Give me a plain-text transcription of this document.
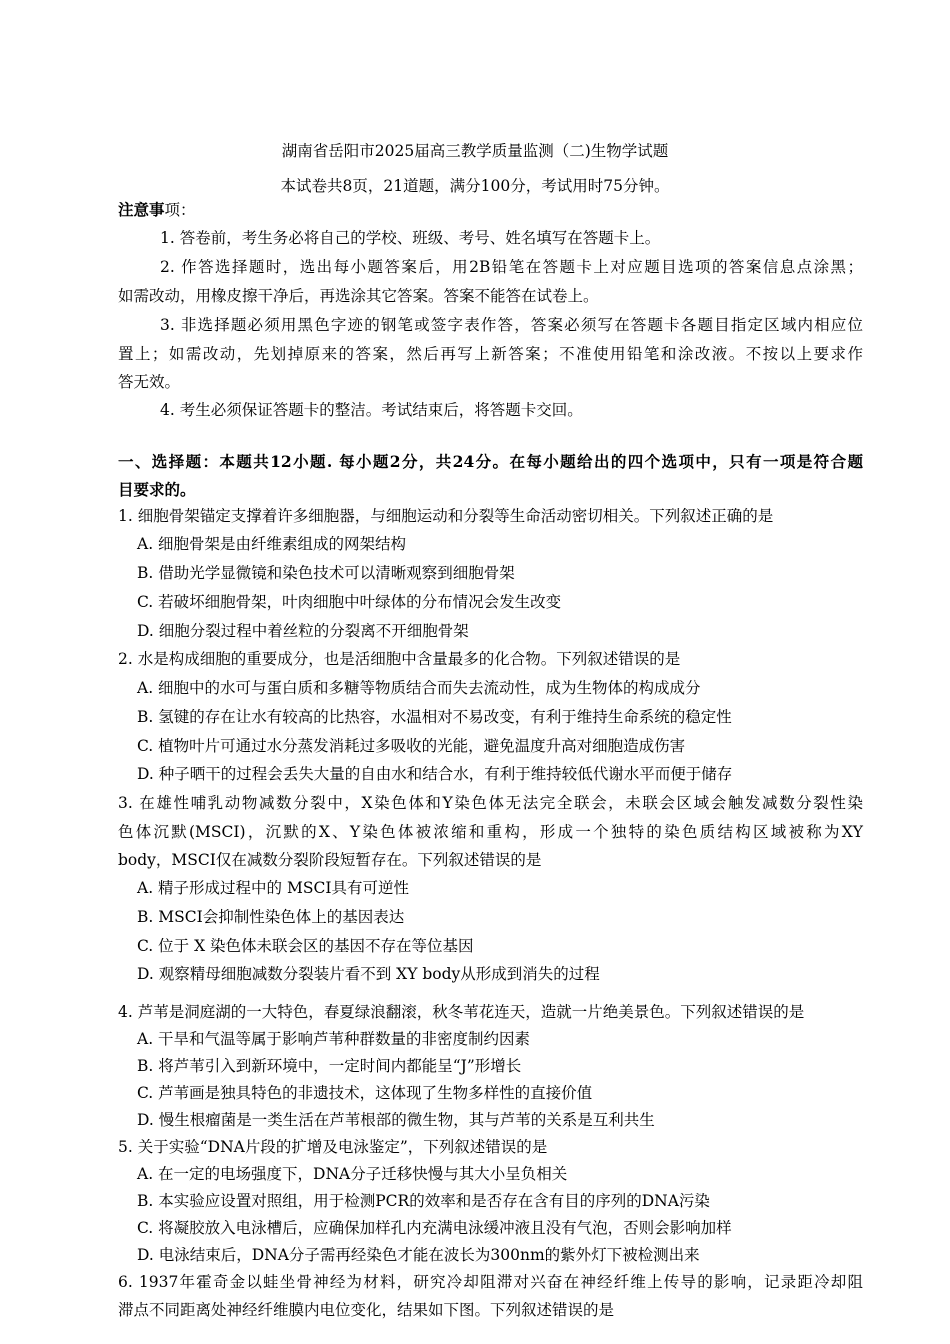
湖南省岳阳市2025届高三教学质量监测（二)生物学试题
本试卷共8页，21道题，满分100分，考试用时75分钟。
注意事项：
1. 答卷前，考生务必将自己的学校、班级、考号、姓名填写在答题卡上。
2. 作答选择题时，选出每小题答案后，用2B铅笔在答题卡上对应题目选项的答案信息点涂黑；
如需改动，用橡皮擦干净后，再选涂其它答案。答案不能答在试卷上。
3. 非选择题必须用黑色字迹的钢笔或签字表作答，答案必须写在答题卡各题目指定区域内相应位
置上；如需改动，先划掉原来的答案，然后再写上新答案；不准使用铅笔和涂改液。不按以上要求作
答无效。
4. 考生必须保证答题卡的整洁。考试结束后，将答题卡交回。
一、选择题：本题共12小题. 每小题2分，共24分。在每小题给出的四个选项中，只有一项是符合题
目要求的。
1. 细胞骨架锚定支撑着许多细胞器，与细胞运动和分裂等生命活动密切相关。下列叙述正确的是
A. 细胞骨架是由纤维素组成的网架结构
B. 借助光学显微镜和染色技术可以清晰观察到细胞骨架
C. 若破坏细胞骨架，叶肉细胞中叶绿体的分布情况会发生改变
D. 细胞分裂过程中着丝粒的分裂离不开细胞骨架
2. 水是构成细胞的重要成分，也是活细胞中含量最多的化合物。下列叙述错误的是
A. 细胞中的水可与蛋白质和多糖等物质结合而失去流动性，成为生物体的构成成分
B. 氢键的存在让水有较高的比热容，水温相对不易改变，有利于维持生命系统的稳定性
C. 植物叶片可通过水分蒸发消耗过多吸收的光能，避免温度升高对细胞造成伤害
D. 种子晒干的过程会丢失大量的自由水和结合水，有利于维持较低代谢水平而便于储存
3. 在雄性哺乳动物减数分裂中，X染色体和Y染色体无法完全联会，未联会区域会触发减数分裂性染
色体沉默(MSCI)，沉默的X、Y染色体被浓缩和重构，形成一个独特的染色质结构区域被称为XY
body，MSCI仅在减数分裂阶段短暂存在。下列叙述错误的是
A. 精子形成过程中的 MSCI具有可逆性
B. MSCI会抑制性染色体上的基因表达
C. 位于 X 染色体未联会区的基因不存在等位基因
D. 观察精母细胞减数分裂装片看不到 XY body从形成到消失的过程
4. 芦苇是洞庭湖的一大特色，春夏绿浪翻滚，秋冬苇花连天，造就一片绝美景色。下列叙述错误的是
A. 干旱和气温等属于影响芦苇种群数量的非密度制约因素
B. 将芦苇引入到新环境中，一定时间内都能呈“J”形增长
C. 芦苇画是独具特色的非遗技术，这体现了生物多样性的直接价值
D. 慢生根瘤菌是一类生活在芦苇根部的微生物，其与芦苇的关系是互利共生
5. 关于实验“DNA片段的扩增及电泳鉴定”，下列叙述错误的是
A. 在一定的电场强度下，DNA分子迁移快慢与其大小呈负相关
B. 本实验应设置对照组，用于检测PCR的效率和是否存在含有目的序列的DNA污染
C. 将凝胶放入电泳槽后，应确保加样孔内充满电泳缓冲液且没有气泡，否则会影响加样
D. 电泳结束后，DNA分子需再经染色才能在波长为300nm的紫外灯下被检测出来
6. 1937年霍奇金以蛙坐骨神经为材料，研究冷却阻滞对兴奋在神经纤维上传导的影响，记录距冷却阻
滞点不同距离处神经纤维膜内电位变化，结果如下图。下列叙述错误的是
